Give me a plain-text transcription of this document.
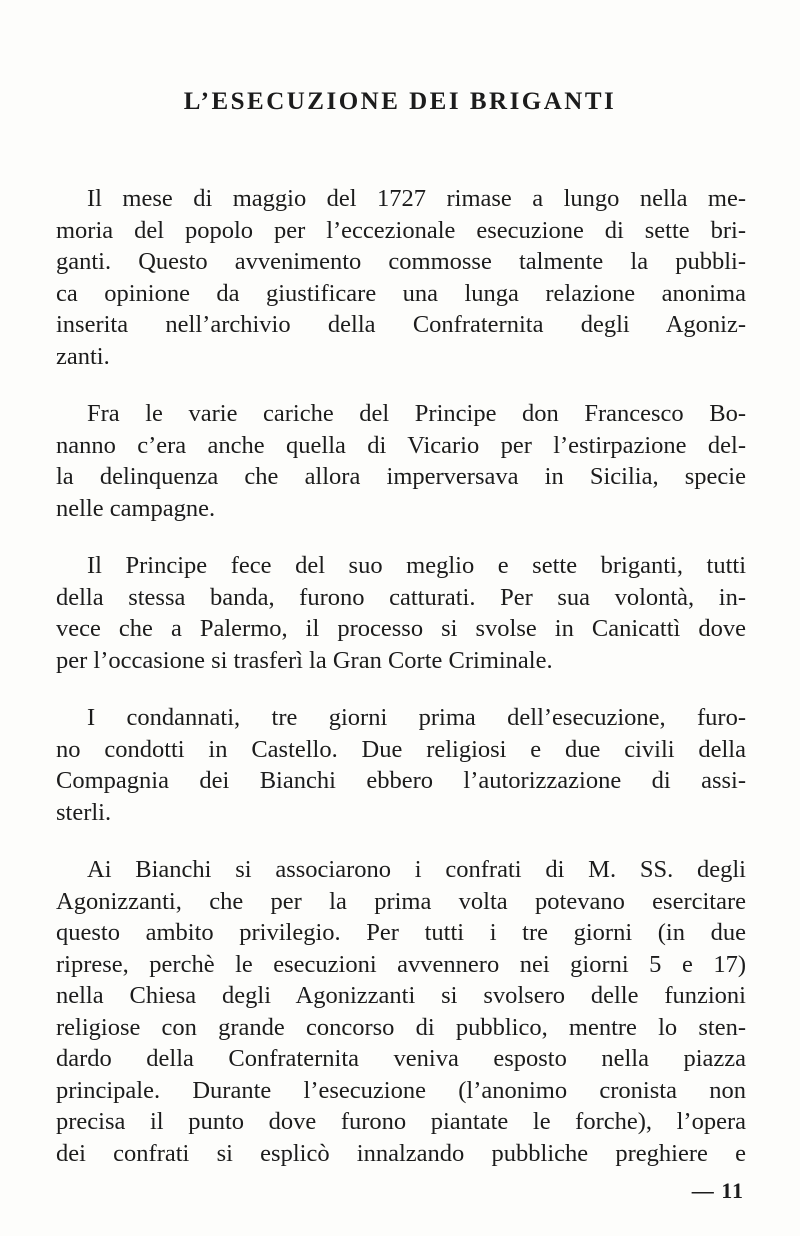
L’ESECUZIONE DEI BRIGANTI

Il mese di maggio del 1727 rimase a lungo nella me-
moria del popolo per l’eccezionale esecuzione di sette bri-
ganti. Questo avvenimento commosse talmente la pubbli-
ca opinione da giustificare una lunga relazione anonima
inserita nell’archivio della Confraternita degli Agoniz-
zanti.

Fra le varie cariche del Principe don Francesco Bo-
nanno c’era anche quella di Vicario per l’estirpazione del-
la delinquenza che allora imperversava in Sicilia, specie
nelle campagne.

Il Principe fece del suo meglio e sette briganti, tutti
della stessa banda, furono catturati. Per sua volontà, in-
vece che a Palermo, il processo si svolse in Canicattì dove
per l’occasione si trasferì la Gran Corte Criminale.

I condannati, tre giorni prima dell’esecuzione, furo-
no condotti in Castello. Due religiosi e due civili della
Compagnia dei Bianchi ebbero l’autorizzazione di assi-
sterli.

Ai Bianchi si associarono i confrati di M. SS. degli
Agonizzanti, che per la prima volta potevano esercitare
questo ambito privilegio. Per tutti i tre giorni (in due
riprese, perchè le esecuzioni avvennero nei giorni 5 e 17)
nella Chiesa degli Agonizzanti si svolsero delle funzioni
religiose con grande concorso di pubblico, mentre lo sten-
dardo della Confraternita veniva esposto nella piazza
principale. Durante l’esecuzione (l’anonimo cronista non
precisa il punto dove furono piantate le forche), l’opera
dei confrati si esplicò innalzando pubbliche preghiere e

— 11
